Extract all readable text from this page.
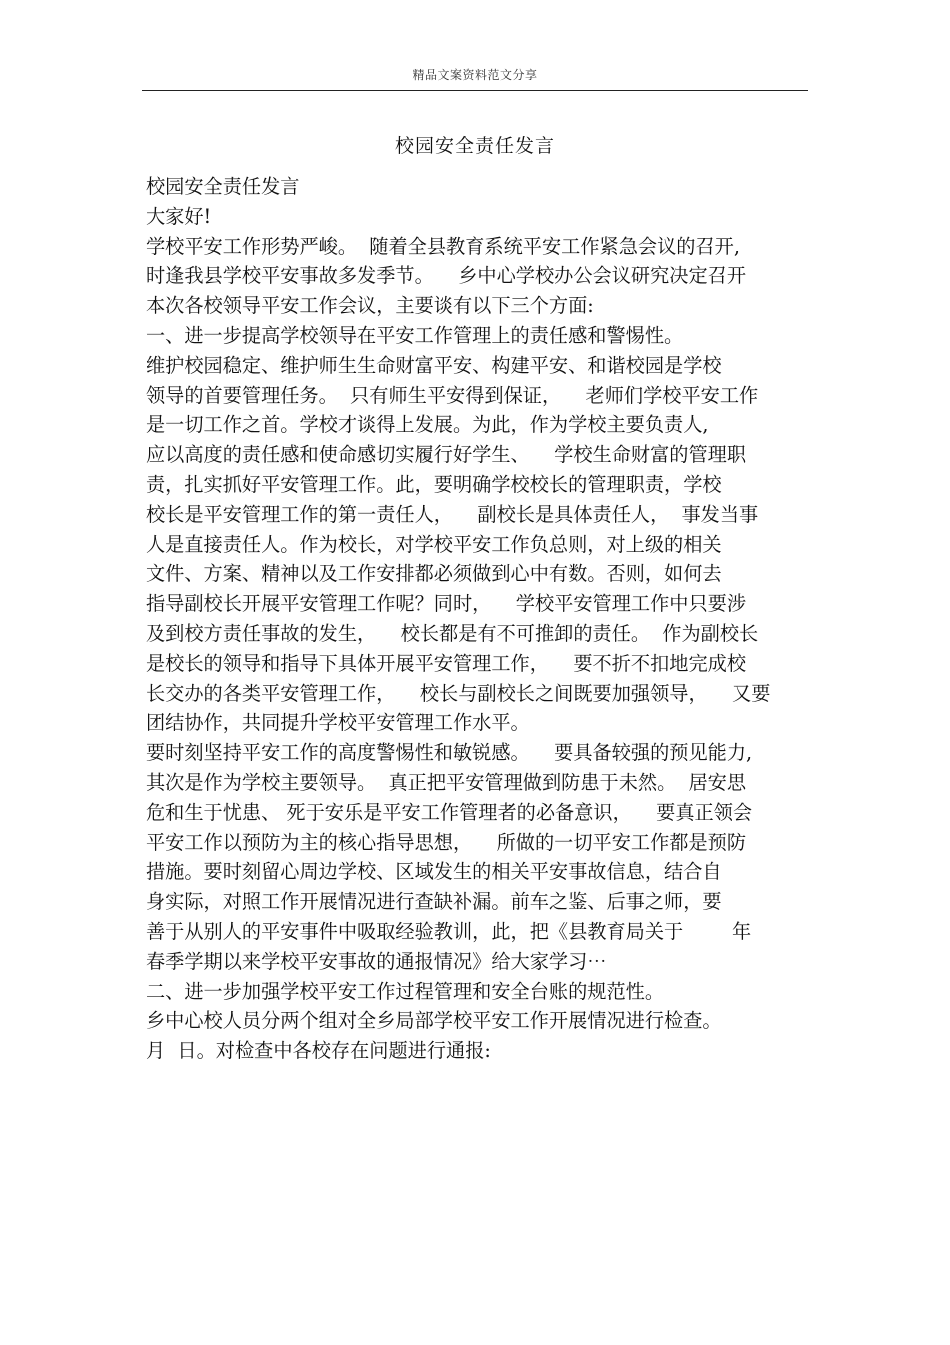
精品文案资料范文分享
校园安全责任发言
校园安全责任发言
大家好!
学校平安工作形势严峻。  随着全县教育系统平安工作紧急会议的召开,
时逢我县学校平安事故多发季节。    乡中心学校办公会议研究决定召开
本次各校领导平安工作会议，主要谈有以下三个方面:
一、进一步提高学校领导在平安工作管理上的责任感和警惕性。
维护校园稳定、维护师生生命财富平安、构建平安、和谐校园是学校
领导的首要管理任务。  只有师生平安得到保证，    老师们学校平安工作
是一切工作之首。学校才谈得上发展。为此，作为学校主要负责人,
应以高度的责任感和使命感切实履行好学生、    学校生命财富的管理职
责，扎实抓好平安管理工作。此，要明确学校校长的管理职责，学校
校长是平安管理工作的第一责任人，    副校长是具体责任人，  事发当事
人是直接责任人。作为校长，对学校平安工作负总则，对上级的相关
文件、方案、精神以及工作安排都必须做到心中有数。否则，如何去
指导副校长开展平安管理工作呢？同时，    学校平安管理工作中只要涉
及到校方责任事故的发生，    校长都是有不可推卸的责任。  作为副校长
是校长的领导和指导下具体开展平安管理工作，    要不折不扣地完成校
长交办的各类平安管理工作，    校长与副校长之间既要加强领导，    又要
团结协作，共同提升学校平安管理工作水平。
要时刻坚持平安工作的高度警惕性和敏锐感。    要具备较强的预见能力,
其次是作为学校主要领导。  真正把平安管理做到防患于未然。  居安思
危和生于忧患、 死于安乐是平安工作管理者的必备意识，    要真正领会
平安工作以预防为主的核心指导思想，    所做的一切平安工作都是预防
措施。要时刻留心周边学校、区域发生的相关平安事故信息，结合自
身实际，对照工作开展情况进行查缺补漏。前车之鉴、后事之师，要
善于从别人的平安事件中吸取经验教训，此，把《县教育局关于        年
春季学期以来学校平安事故的通报情况》给大家学习⋯
二、进一步加强学校平安工作过程管理和安全台账的规范性。
乡中心校人员分两个组对全乡局部学校平安工作开展情况进行检查。
月  日。对检查中各校存在问题进行通报:
